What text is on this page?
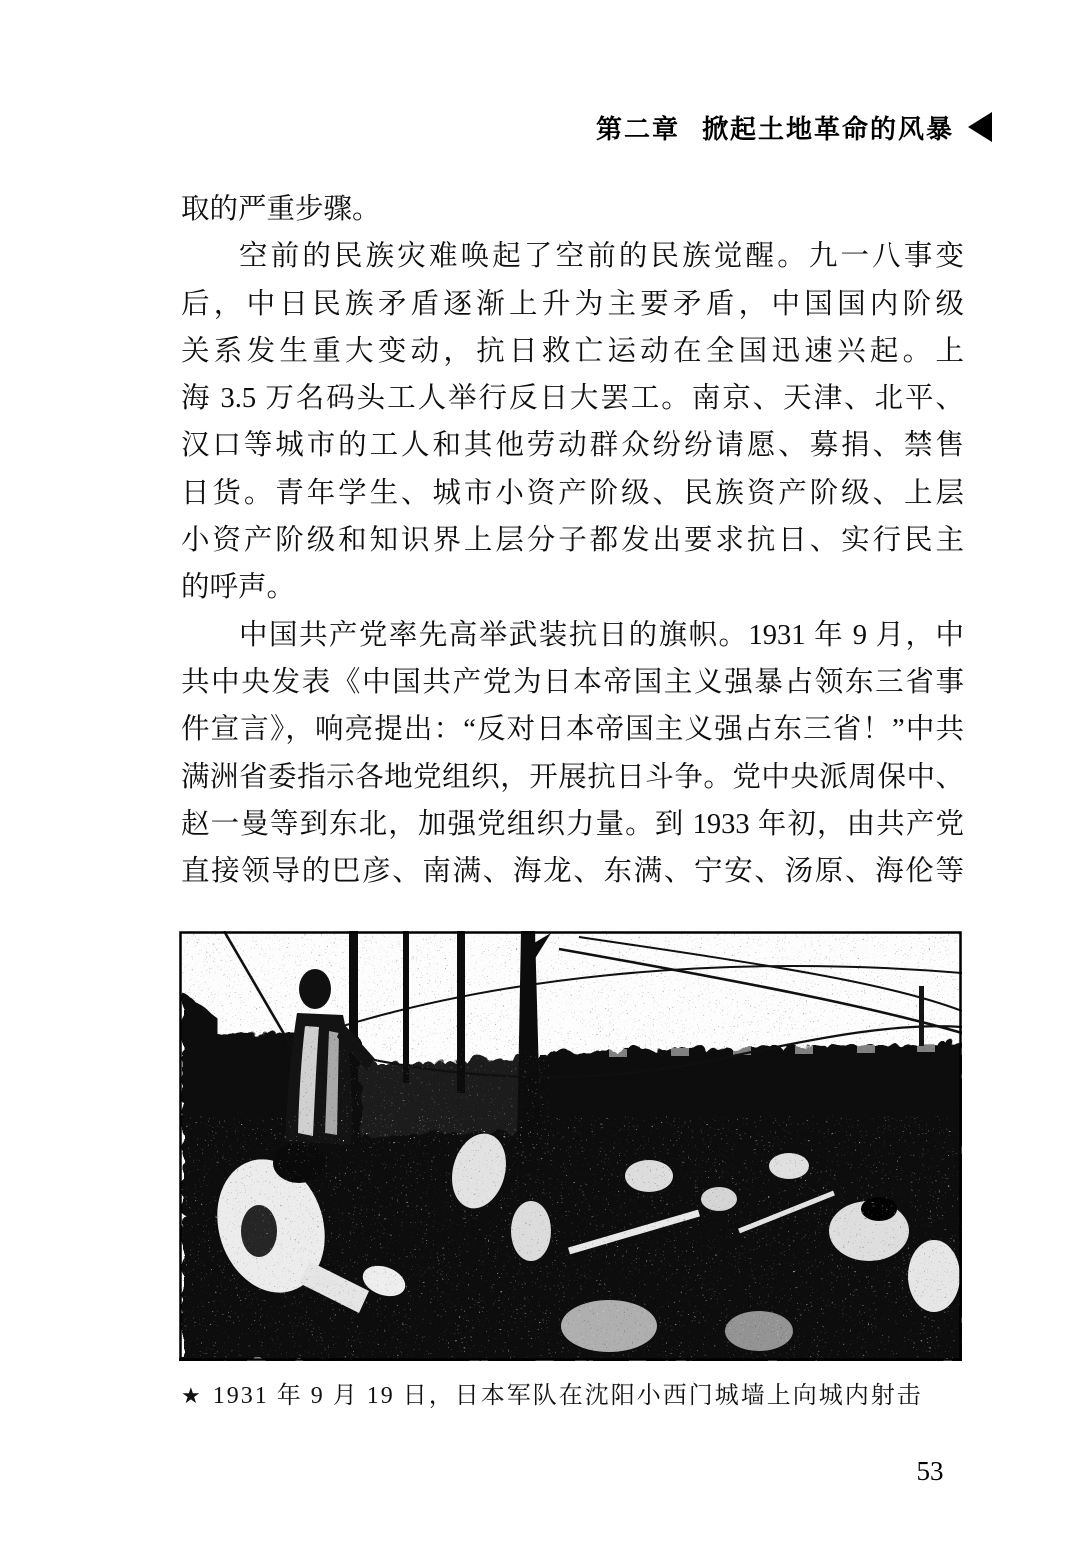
第二章 掀起土地革命的风暴
取的严重步骤。
空前的民族灾难唤起了空前的民族觉醒。九一八事变
后，中日民族矛盾逐渐上升为主要矛盾，中国国内阶级
关系发生重大变动，抗日救亡运动在全国迅速兴起。上
海 3.5 万名码头工人举行反日大罢工。南京、天津、北平、
汉口等城市的工人和其他劳动群众纷纷请愿、募捐、禁售
日货。青年学生、城市小资产阶级、民族资产阶级、上层
小资产阶级和知识界上层分子都发出要求抗日、实行民主
的呼声。
中国共产党率先高举武装抗日的旗帜。1931 年 9 月，中
共中央发表《中国共产党为日本帝国主义强暴占领东三省事
件宣言》，响亮提出：“反对日本帝国主义强占东三省！”中共
满洲省委指示各地党组织，开展抗日斗争。党中央派周保中、
赵一曼等到东北，加强党组织力量。到 1933 年初，由共产党
直接领导的巴彦、南满、海龙、东满、宁安、汤原、海伦等
★ 1931 年 9 月 19 日，日本军队在沈阳小西门城墙上向城内射击
53
